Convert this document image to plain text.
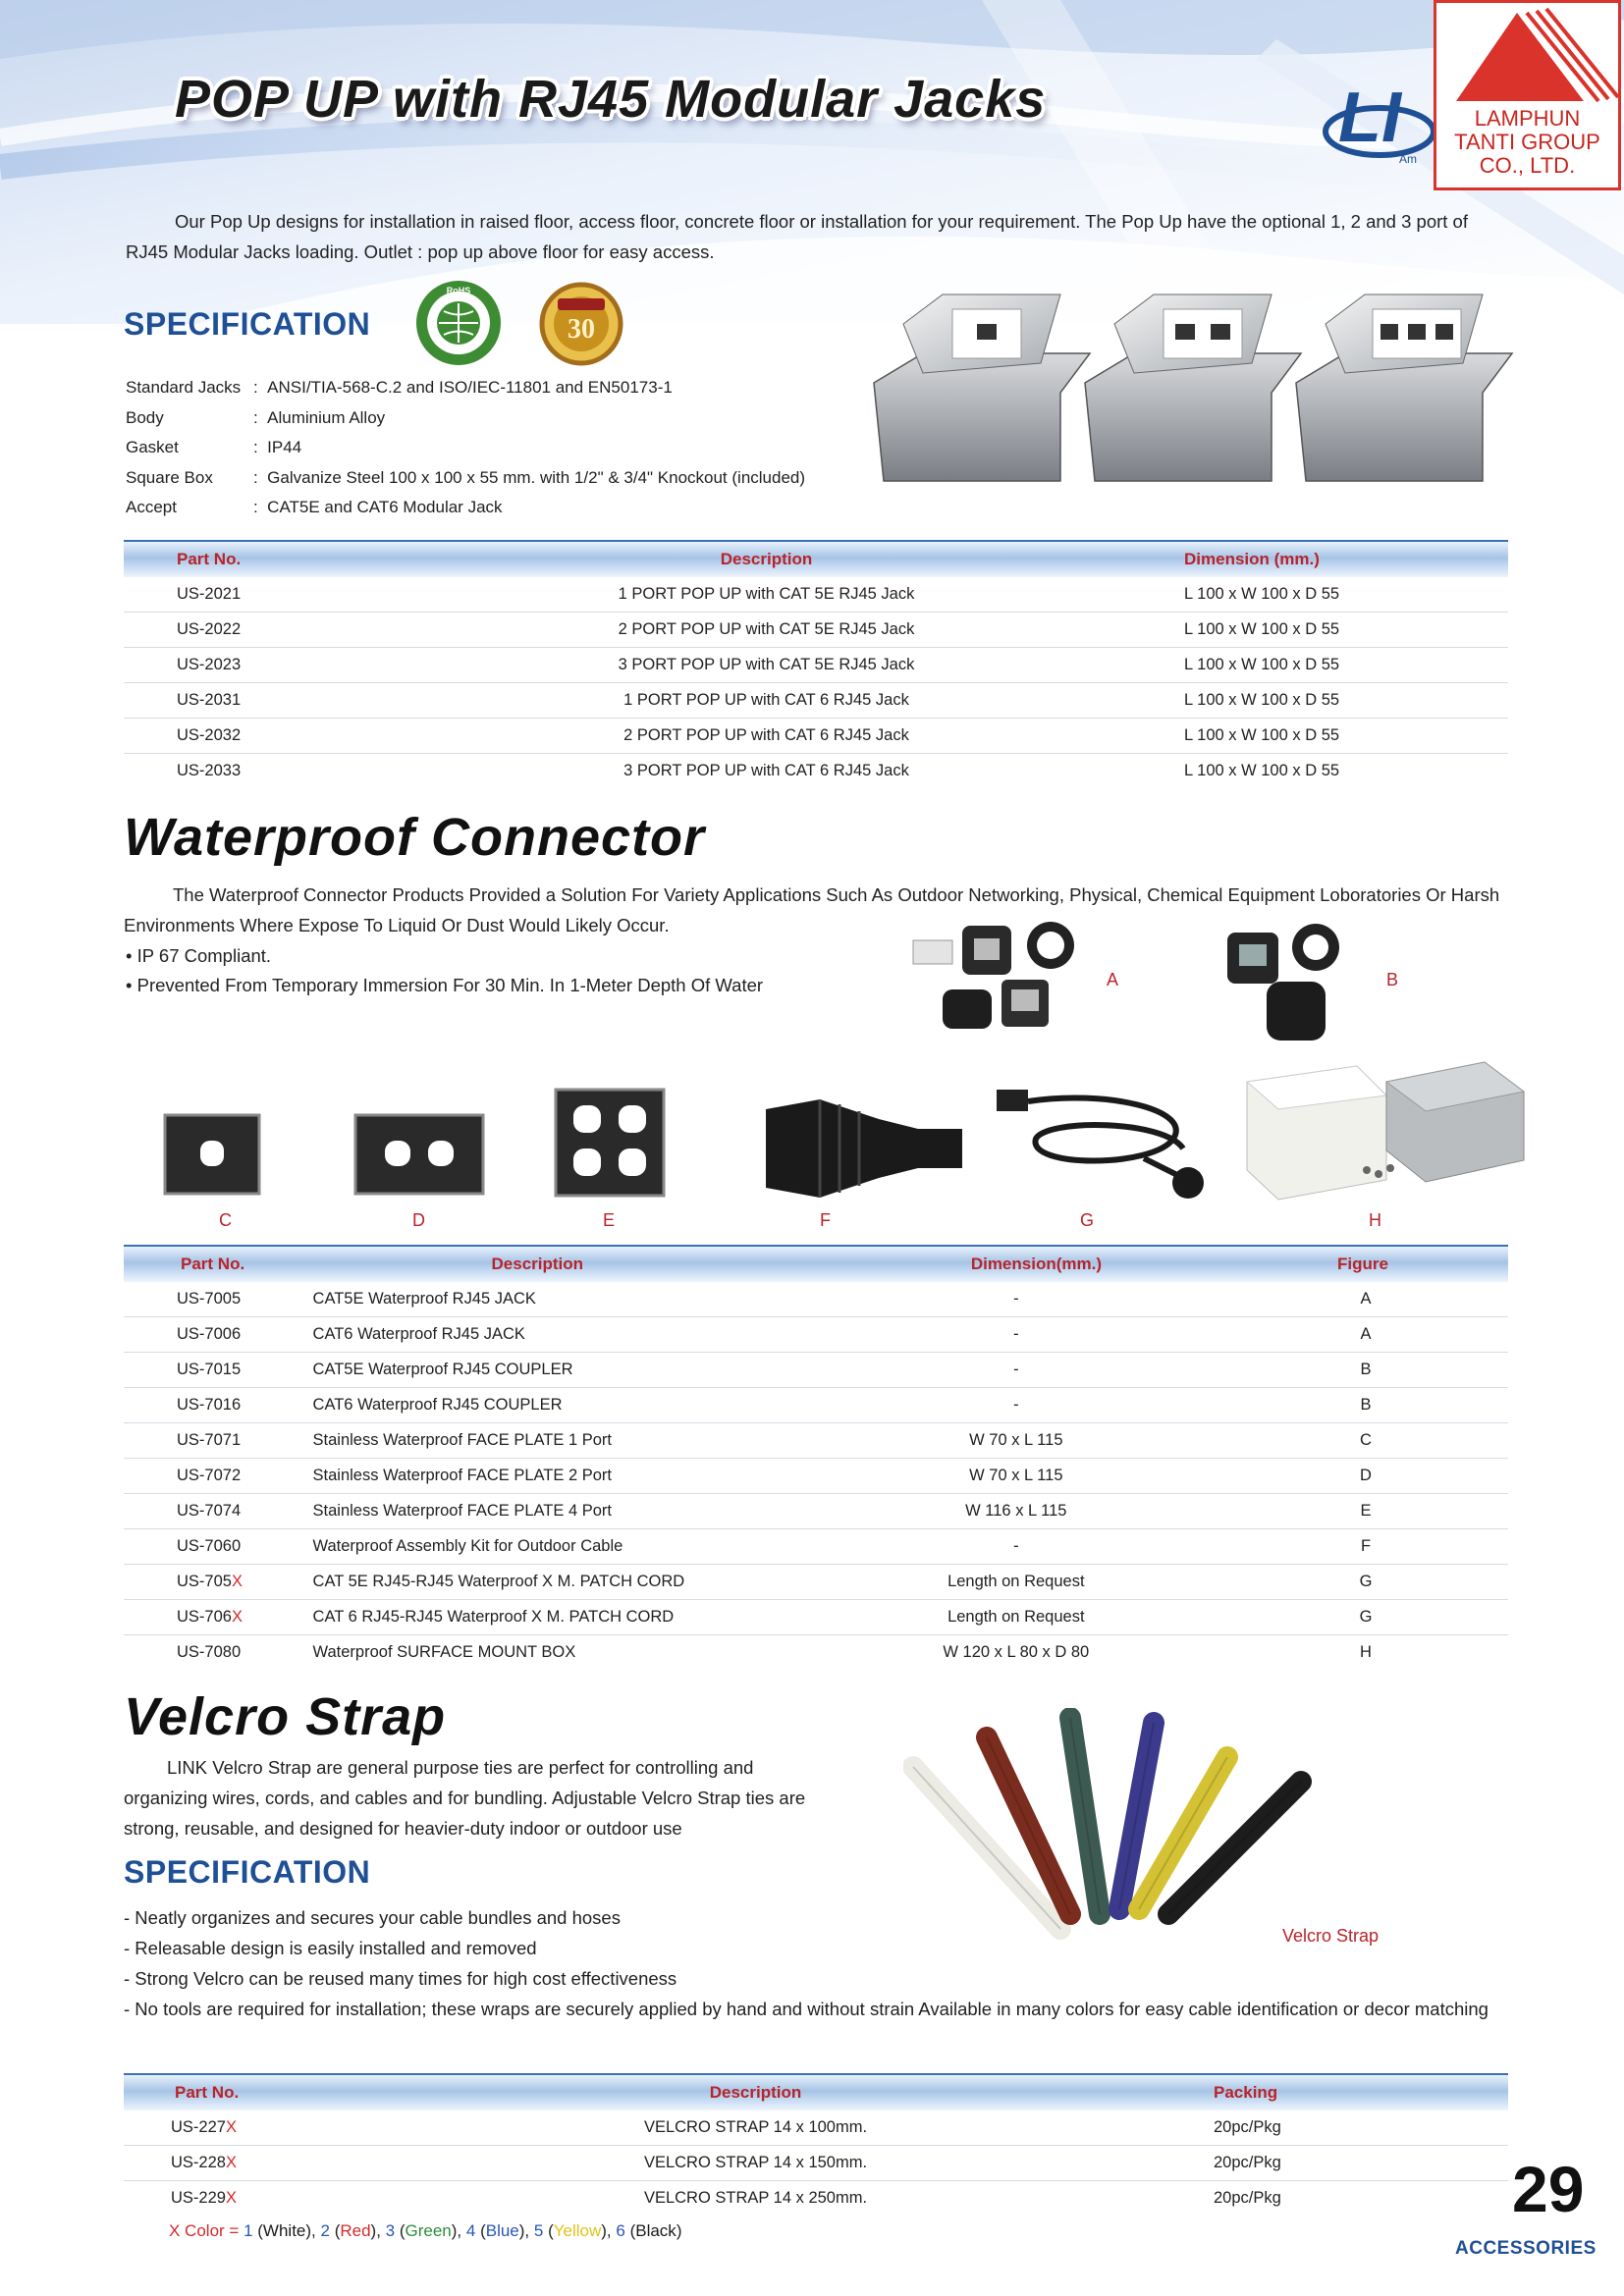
POP UP with RJ45 Modular Jacks	LI
Am
LAMPHUN
TANTI GROUP
CO., LTD.
Our Pop Up designs for installation in raised floor, access floor, concrete floor or installation for your requirement. The Pop Up have the optional 1, 2 and 3 port of RJ45 Modular Jacks loading. Outlet : pop up above floor for easy access.
SPECIFICATION
RoHS
30
Standard Jacks : ANSI/TIA-568-C.2 and ISO/IEC-11801 and EN50173-1
Body	: Aluminium Alloy
Gasket	: IP44
Square Box	: Galvanize Steel 100 x 100 x 55 mm. with 1/2" & 3/4" Knockout (included)
Accept	: CAT5E and CAT6 Modular Jack
Part No.	Description	Dimension (mm.)
US-2021	1 PORT POP UP with CAT 5E RJ45 Jack	L 100 x W 100 x D 55
US-2022	2 PORT POP UP with CAT 5E RJ45 Jack	L 100 x W 100 x D 55
US-2023	3 PORT POP UP with CAT 5E RJ45 Jack	L 100 x W 100 x D 55
US-2031	1 PORT POP UP with CAT 6 RJ45 Jack	L 100 x W 100 x D 55
US-2032	2 PORT POP UP with CAT 6 RJ45 Jack	L 100 x W 100 x D 55
US-2033	3 PORT POP UP with CAT 6 RJ45 Jack	L 100 x W 100 x D 55
Waterproof Connector
The Waterproof Connector Products Provided a Solution For Variety Applications Such As Outdoor Networking, Physical, Chemical Equipment Loboratories Or Harsh Environments Where Expose To Liquid Or Dust Would Likely Occur.
• IP 67 Compliant.
• Prevented From Temporary Immersion For 30 Min. In 1-Meter Depth Of Water	A	B
C	D	E	F	G	H
Part No.	Description	Dimension(mm.)	Figure
US-7005	CAT5E Waterproof RJ45 JACK	-	A

US-7006	CAT6 Waterproof RJ45 JACK	-	A

US-7015	CAT5E Waterproof RJ45 COUPLER	-	B

US-7016	CAT6 Waterproof RJ45 COUPLER	-	B

US-7071	Stainless Waterproof FACE PLATE 1 Port	W 70 x L 115	C

US-7072	Stainless Waterproof FACE PLATE 2 Port	W 70 x L 115	D

US-7074	Stainless Waterproof FACE PLATE 4 Port	W 116 x L 115	E

US-7060	Waterproof Assembly Kit for Outdoor Cable	-	F

US-705X	CAT 5E RJ45-RJ45 Waterproof X M. PATCH CORD	Length on Request	G

US-706X	CAT 6 RJ45-RJ45 Waterproof X M. PATCH CORD	Length on Request	G

US-7080	Waterproof SURFACE MOUNT BOX	W 120 x L 80 x D 80	H
Velcro Strap
LINK Velcro Strap are general purpose ties are perfect for controlling and organizing wires, cords, and cables and for bundling. Adjustable Velcro Strap ties are strong, reusable, and designed for heavier-duty indoor or outdoor use
SPECIFICATION
Velcro Strap
- Neatly organizes and secures your cable bundles and hoses
- Releasable design is easily installed and removed
- Strong Velcro can be reused many times for high cost effectiveness
- No tools are required for installation; these wraps are securely applied by hand and without strain Available in many colors for easy cable identification or decor matching
Part No.	Description	Packing
US-227X	VELCRO STRAP 14 x 100mm.	20pc/Pkg
US-228X	VELCRO STRAP 14 x 150mm.	20pc/Pkg
US-229X	VELCRO STRAP 14 x 250mm.	20pc/Pkg
X Color = 1 (White), 2 (Red), 3 (Green), 4 (Blue), 5 (Yellow), 6 (Black)
29
ACCESSORIES
